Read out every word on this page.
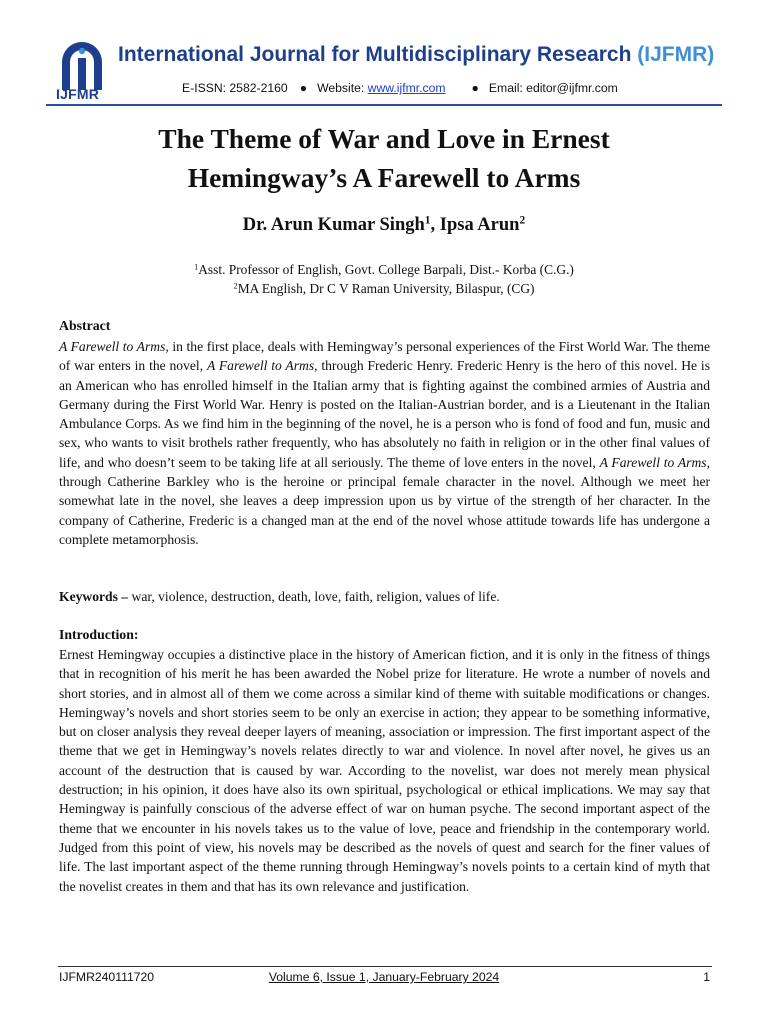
IJFMR
International Journal for Multidisciplinary Research (IJFMR)
E-ISSN: 2582-2160 ● Website: www.ijfmr.com ● Email: editor@ijfmr.com
The Theme of War and Love in Ernest
Hemingway’s A Farewell to Arms
Dr. Arun Kumar Singh$^1$, Ipsa Arun$^2$
$^1$Asst. Professor of English, Govt. College Barpali, Dist.- Korba (C.G.)
$^2$MA English, Dr C V Raman University, Bilaspur, (CG)
Abstract

A Farewell to Arms, in the first place, deals with Hemingway’s personal experiences of the First World War. The theme of war enters in the novel, A Farewell to Arms, through Frederic Henry. Frederic Henry is the hero of this novel. He is an American who has enrolled himself in the Italian army that is fighting against the combined armies of Austria and Germany during the First World War. Henry is posted on the Italian-Austrian border, and is a Lieutenant in the Italian Ambulance Corps. As we find him in the beginning of the novel, he is a person who is fond of food and fun, music and sex, who wants to visit brothels rather frequently, who has absolutely no faith in religion or in the other final values of life, and who doesn’t seem to be taking life at all seriously. The theme of love enters in the novel, A Farewell to Arms, through Catherine Barkley who is the heroine or principal female character in the novel. Although we meet her somewhat late in the novel, she leaves a deep impression upon us by virtue of the strength of her character. In the company of Catherine, Frederic is a changed man at the end of the novel whose attitude towards life has undergone a complete metamorphosis.

Keywords – war, violence, destruction, death, love, faith, religion, values of life.
Introduction:

Ernest Hemingway occupies a distinctive place in the history of American fiction, and it is only in the fitness of things that in recognition of his merit he has been awarded the Nobel prize for literature. He wrote a number of novels and short stories, and in almost all of them we come across a similar kind of theme with suitable modifications or changes. Hemingway’s novels and short stories seem to be only an exercise in action; they appear to be something informative, but on closer analysis they reveal deeper layers of meaning, association or impression. The first important aspect of the theme that we get in Hemingway’s novels relates directly to war and violence. In novel after novel, he gives us an account of the destruction that is caused by war. According to the novelist, war does not merely mean physical destruction; in his opinion, it does have also its own spiritual, psychological or ethical implications. We may say that Hemingway is painfully conscious of the adverse effect of war on human psyche. The second important aspect of the theme that we encounter in his novels takes us to the value of love, peace and friendship in the contemporary world. Judged from this point of view, his novels may be described as the novels of quest and search for the finer values of life. The last important aspect of the theme running through Hemingway’s novels points to a certain kind of myth that the novelist creates in them and that has its own relevance and justification.

IJFMR240111720	Volume 6, Issue 1, January-February 2024	1
